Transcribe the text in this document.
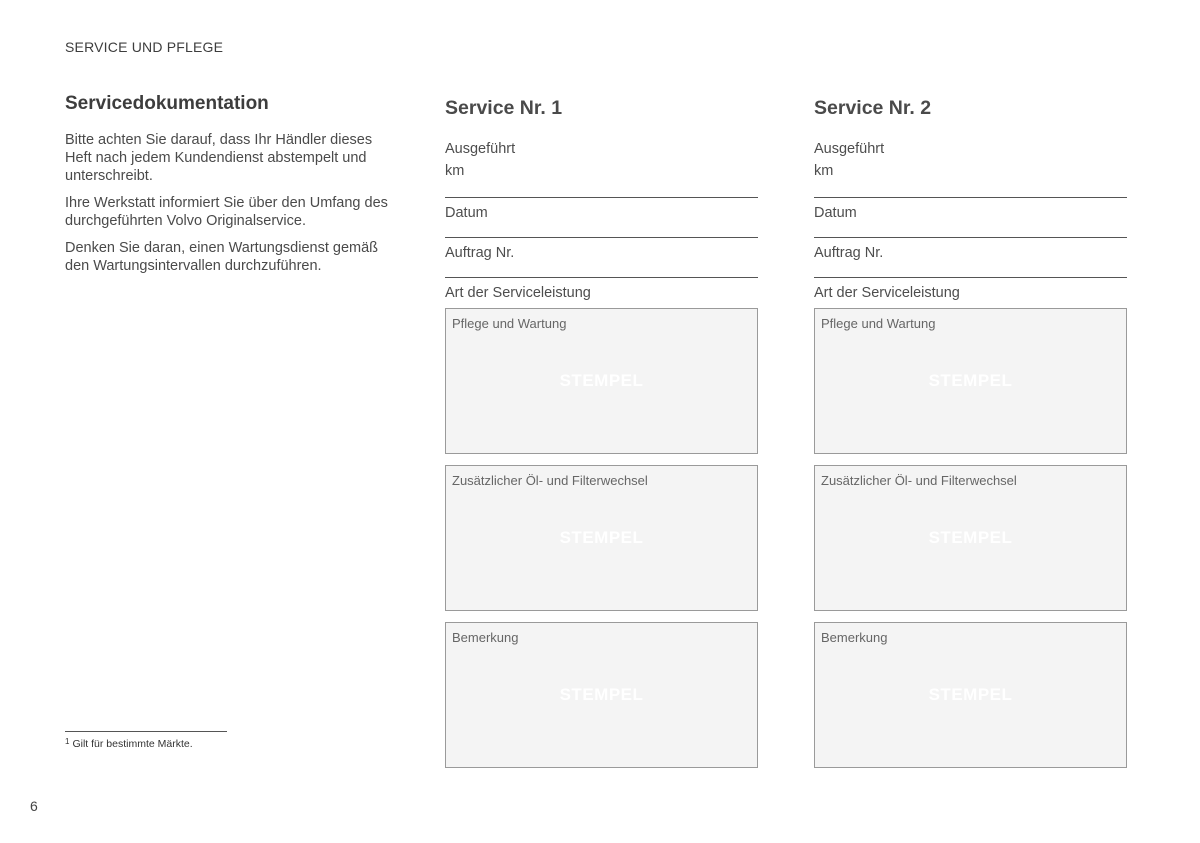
SERVICE UND PFLEGE
Servicedokumentation

Bitte achten Sie darauf, dass Ihr Händler dieses Heft nach jedem Kundendienst abstempelt und unterschreibt.

Ihre Werkstatt informiert Sie über den Umfang des durchgeführten Volvo Originalservice.

Denken Sie daran, einen Wartungsdienst gemäß den Wartungsintervallen durchzuführen.

$^1$ Gilt für bestimmte Märkte.
6
Service Nr. 1
Ausgeführt
km
Datum
Auftrag Nr.
Art der Serviceleistung
Pflege und Wartung
STEMPEL
Zusätzlicher Öl- und Filterwechsel
STEMPEL
Bemerkung
STEMPEL
Service Nr. 2
Ausgeführt
km
Datum
Auftrag Nr.
Art der Serviceleistung
Pflege und Wartung
STEMPEL
Zusätzlicher Öl- und Filterwechsel
STEMPEL
Bemerkung
STEMPEL
